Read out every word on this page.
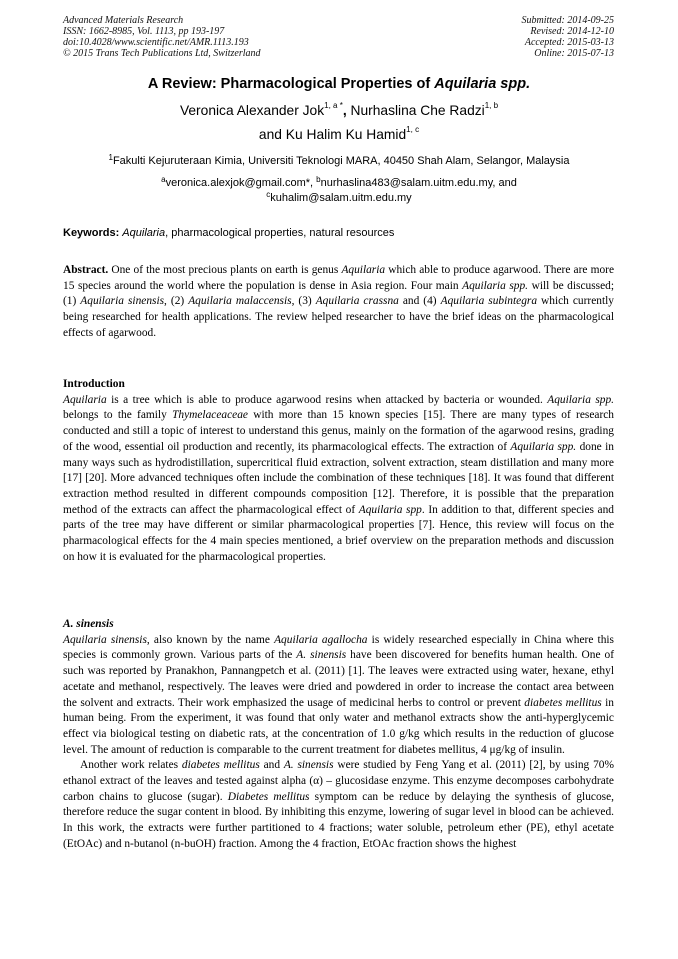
Advanced Materials Research
ISSN: 1662-8985, Vol. 1113, pp 193-197
doi:10.4028/www.scientific.net/AMR.1113.193
© 2015 Trans Tech Publications Ltd, Switzerland
Submitted: 2014-09-25
Revised: 2014-12-10
Accepted: 2015-03-13
Online: 2015-07-13
A Review: Pharmacological Properties of Aquilaria spp.
Veronica Alexander Jok$^{1, a *}$, Nurhaslina Che Radzi$^{1, b}$
and Ku Halim Ku Hamid$^{1, c}$
$^1$Fakulti Kejuruteraan Kimia, Universiti Teknologi MARA, 40450 Shah Alam, Selangor, Malaysia
$^a$veronica.alexjok@gmail.com*, $^b$nurhaslina483@salam.uitm.edu.my, and
$^c$kuhalim@salam.uitm.edu.my
Keywords: Aquilaria, pharmacological properties, natural resources

Abstract. One of the most precious plants on earth is genus Aquilaria which able to produce agarwood. There are more 15 species around the world where the population is dense in Asia region. Four main Aquilaria spp. will be discussed; (1) Aquilaria sinensis, (2) Aquilaria malaccensis, (3) Aquilaria crassna and (4) Aquilaria subintegra which currently being researched for health applications. The review helped researcher to have the brief ideas on the pharmacological effects of agarwood.

Introduction

Aquilaria is a tree which is able to produce agarwood resins when attacked by bacteria or wounded. Aquilaria spp. belongs to the family Thymelaceaceae with more than 15 known species [15]. There are many types of research conducted and still a topic of interest to understand this genus, mainly on the formation of the agarwood resins, grading of the wood, essential oil production and recently, its pharmacological effects. The extraction of Aquilaria spp. done in many ways such as hydrodistillation, supercritical fluid extraction, solvent extraction, steam distillation and many more [17] [20]. More advanced techniques often include the combination of these techniques [18]. It was found that different extraction method resulted in different compounds composition [12]. Therefore, it is possible that the preparation method of the extracts can affect the pharmacological effect of Aquilaria spp. In addition to that, different species and parts of the tree may have different or similar pharmacological properties [7]. Hence, this review will focus on the pharmacological effects for the 4 main species mentioned, a brief overview on the preparation methods and discussion on how it is evaluated for the pharmacological properties.

A. sinensis

Aquilaria sinensis, also known by the name Aquilaria agallocha is widely researched especially in China where this species is commonly grown. Various parts of the A. sinensis have been discovered for benefits human health. One of such was reported by Pranakhon, Pannangpetch et al. (2011) [1]. The leaves were extracted using water, hexane, ethyl acetate and methanol, respectively. The leaves were dried and powdered in order to increase the contact area between the solvent and extracts. Their work emphasized the usage of medicinal herbs to control or prevent diabetes mellitus in human being. From the experiment, it was found that only water and methanol extracts show the anti-hyperglycemic effect via biological testing on diabetic rats, at the concentration of 1.0 g/kg which results in the reduction of glucose level. The amount of reduction is comparable to the current treatment for diabetes mellitus, 4 μg/kg of insulin.

Another work relates diabetes mellitus and A. sinensis were studied by Feng Yang et al. (2011) [2], by using 70% ethanol extract of the leaves and tested against alpha (α) – glucosidase enzyme. This enzyme decomposes carbohydrate carbon chains to glucose (sugar). Diabetes mellitus symptom can be reduce by delaying the synthesis of glucose, therefore reduce the sugar content in blood. By inhibiting this enzyme, lowering of sugar level in blood can be achieved. In this work, the extracts were further partitioned to 4 fractions; water soluble, petroleum ether (PE), ethyl acetate (EtOAc) and n-butanol (n-buOH) fraction. Among the 4 fraction, EtOAc fraction shows the highest
